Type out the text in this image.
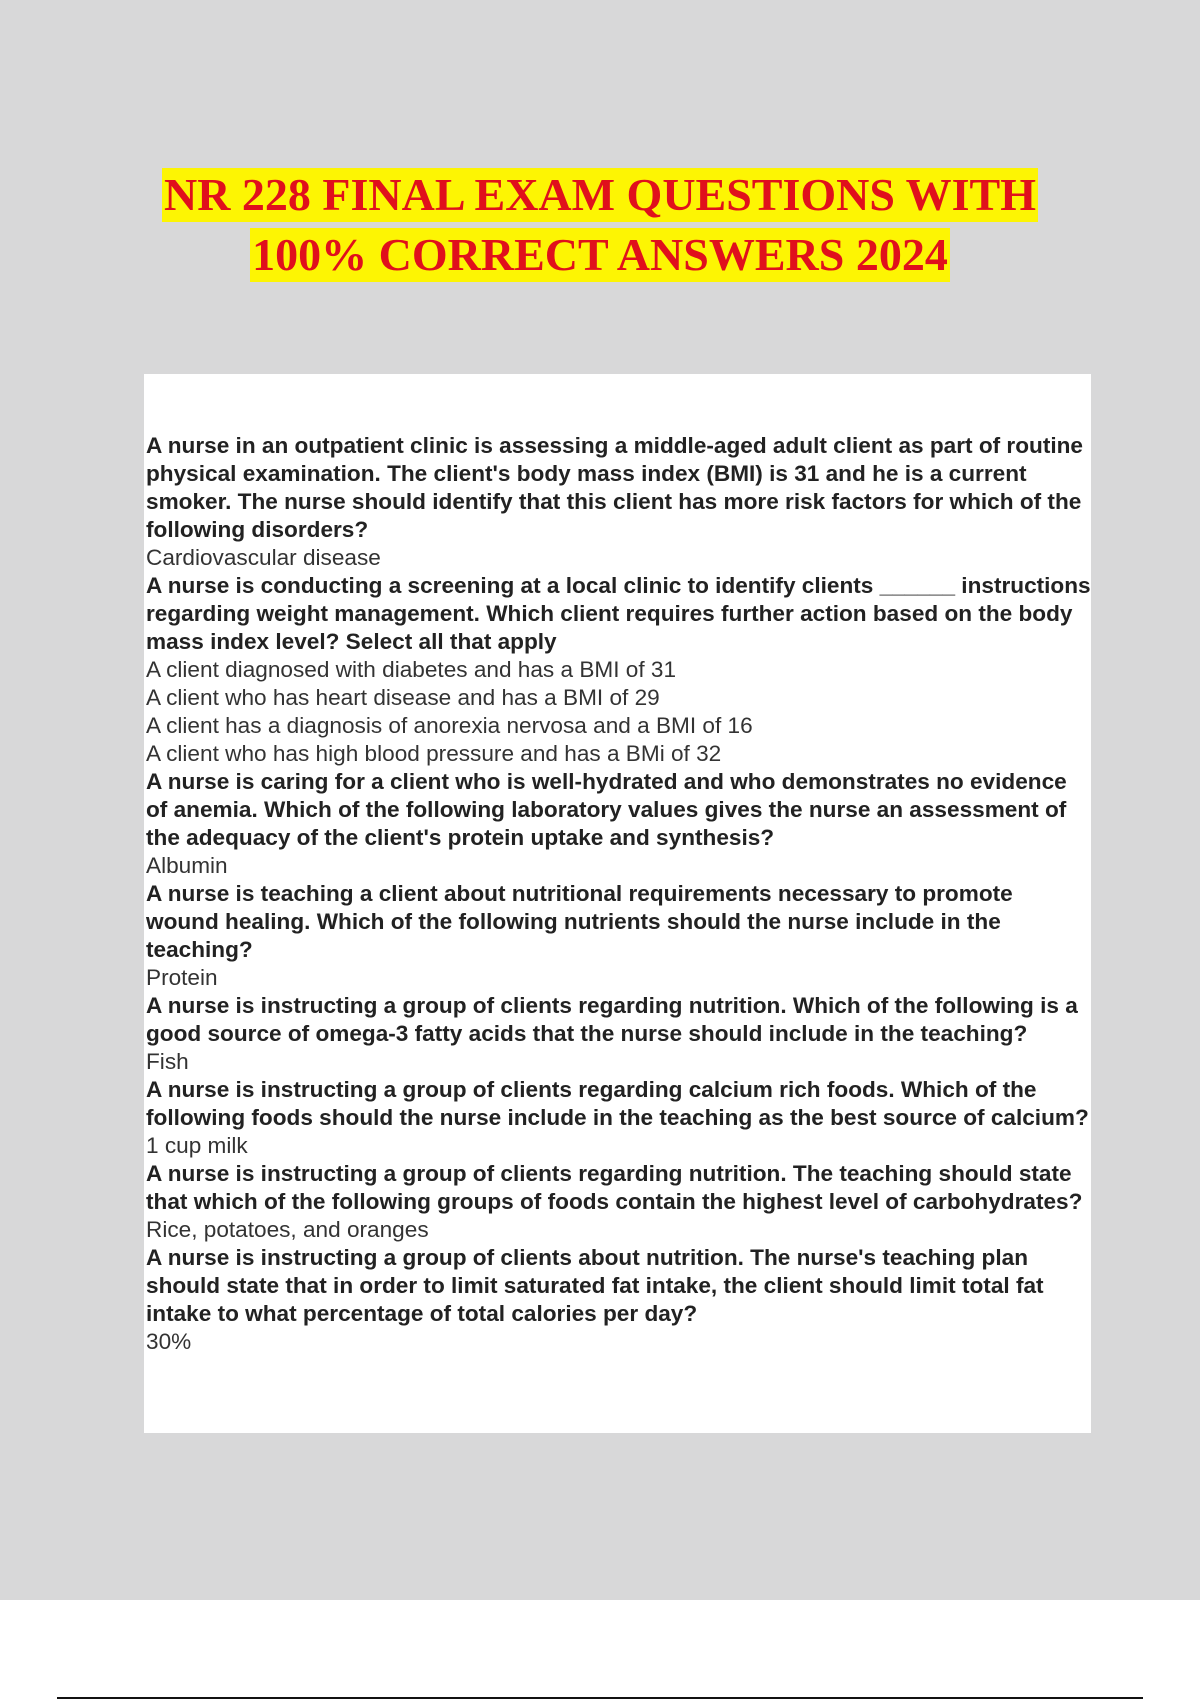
NR 228 FINAL EXAM QUESTIONS WITH
100% CORRECT ANSWERS 2024

A nurse in an outpatient clinic is assessing a middle-aged adult client as part of routine physical examination. The client's body mass index (BMI) is 31 and he is a current smoker. The nurse should identify that this client has more risk factors for which of the following disorders?

Cardiovascular disease

A nurse is conducting a screening at a local clinic to identify clients ______ instructions regarding weight management. Which client requires further action based on the body mass index level? Select all that apply

A client diagnosed with diabetes and has a BMI of 31

A client who has heart disease and has a BMI of 29

A client has a diagnosis of anorexia nervosa and a BMI of 16

A client who has high blood pressure and has a BMi of 32

A nurse is caring for a client who is well-hydrated and who demonstrates no evidence of anemia. Which of the following laboratory values gives the nurse an assessment of the adequacy of the client's protein uptake and synthesis?

Albumin

A nurse is teaching a client about nutritional requirements necessary to promote wound healing. Which of the following nutrients should the nurse include in the teaching?

Protein

A nurse is instructing a group of clients regarding nutrition. Which of the following is a good source of omega-3 fatty acids that the nurse should include in the teaching?

Fish

A nurse is instructing a group of clients regarding calcium rich foods. Which of the following foods should the nurse include in the teaching as the best source of calcium?

1 cup milk

A nurse is instructing a group of clients regarding nutrition. The teaching should state that which of the following groups of foods contain the highest level of carbohydrates?

Rice, potatoes, and oranges

A nurse is instructing a group of clients about nutrition. The nurse's teaching plan should state that in order to limit saturated fat intake, the client should limit total fat intake to what percentage of total calories per day?

30%
